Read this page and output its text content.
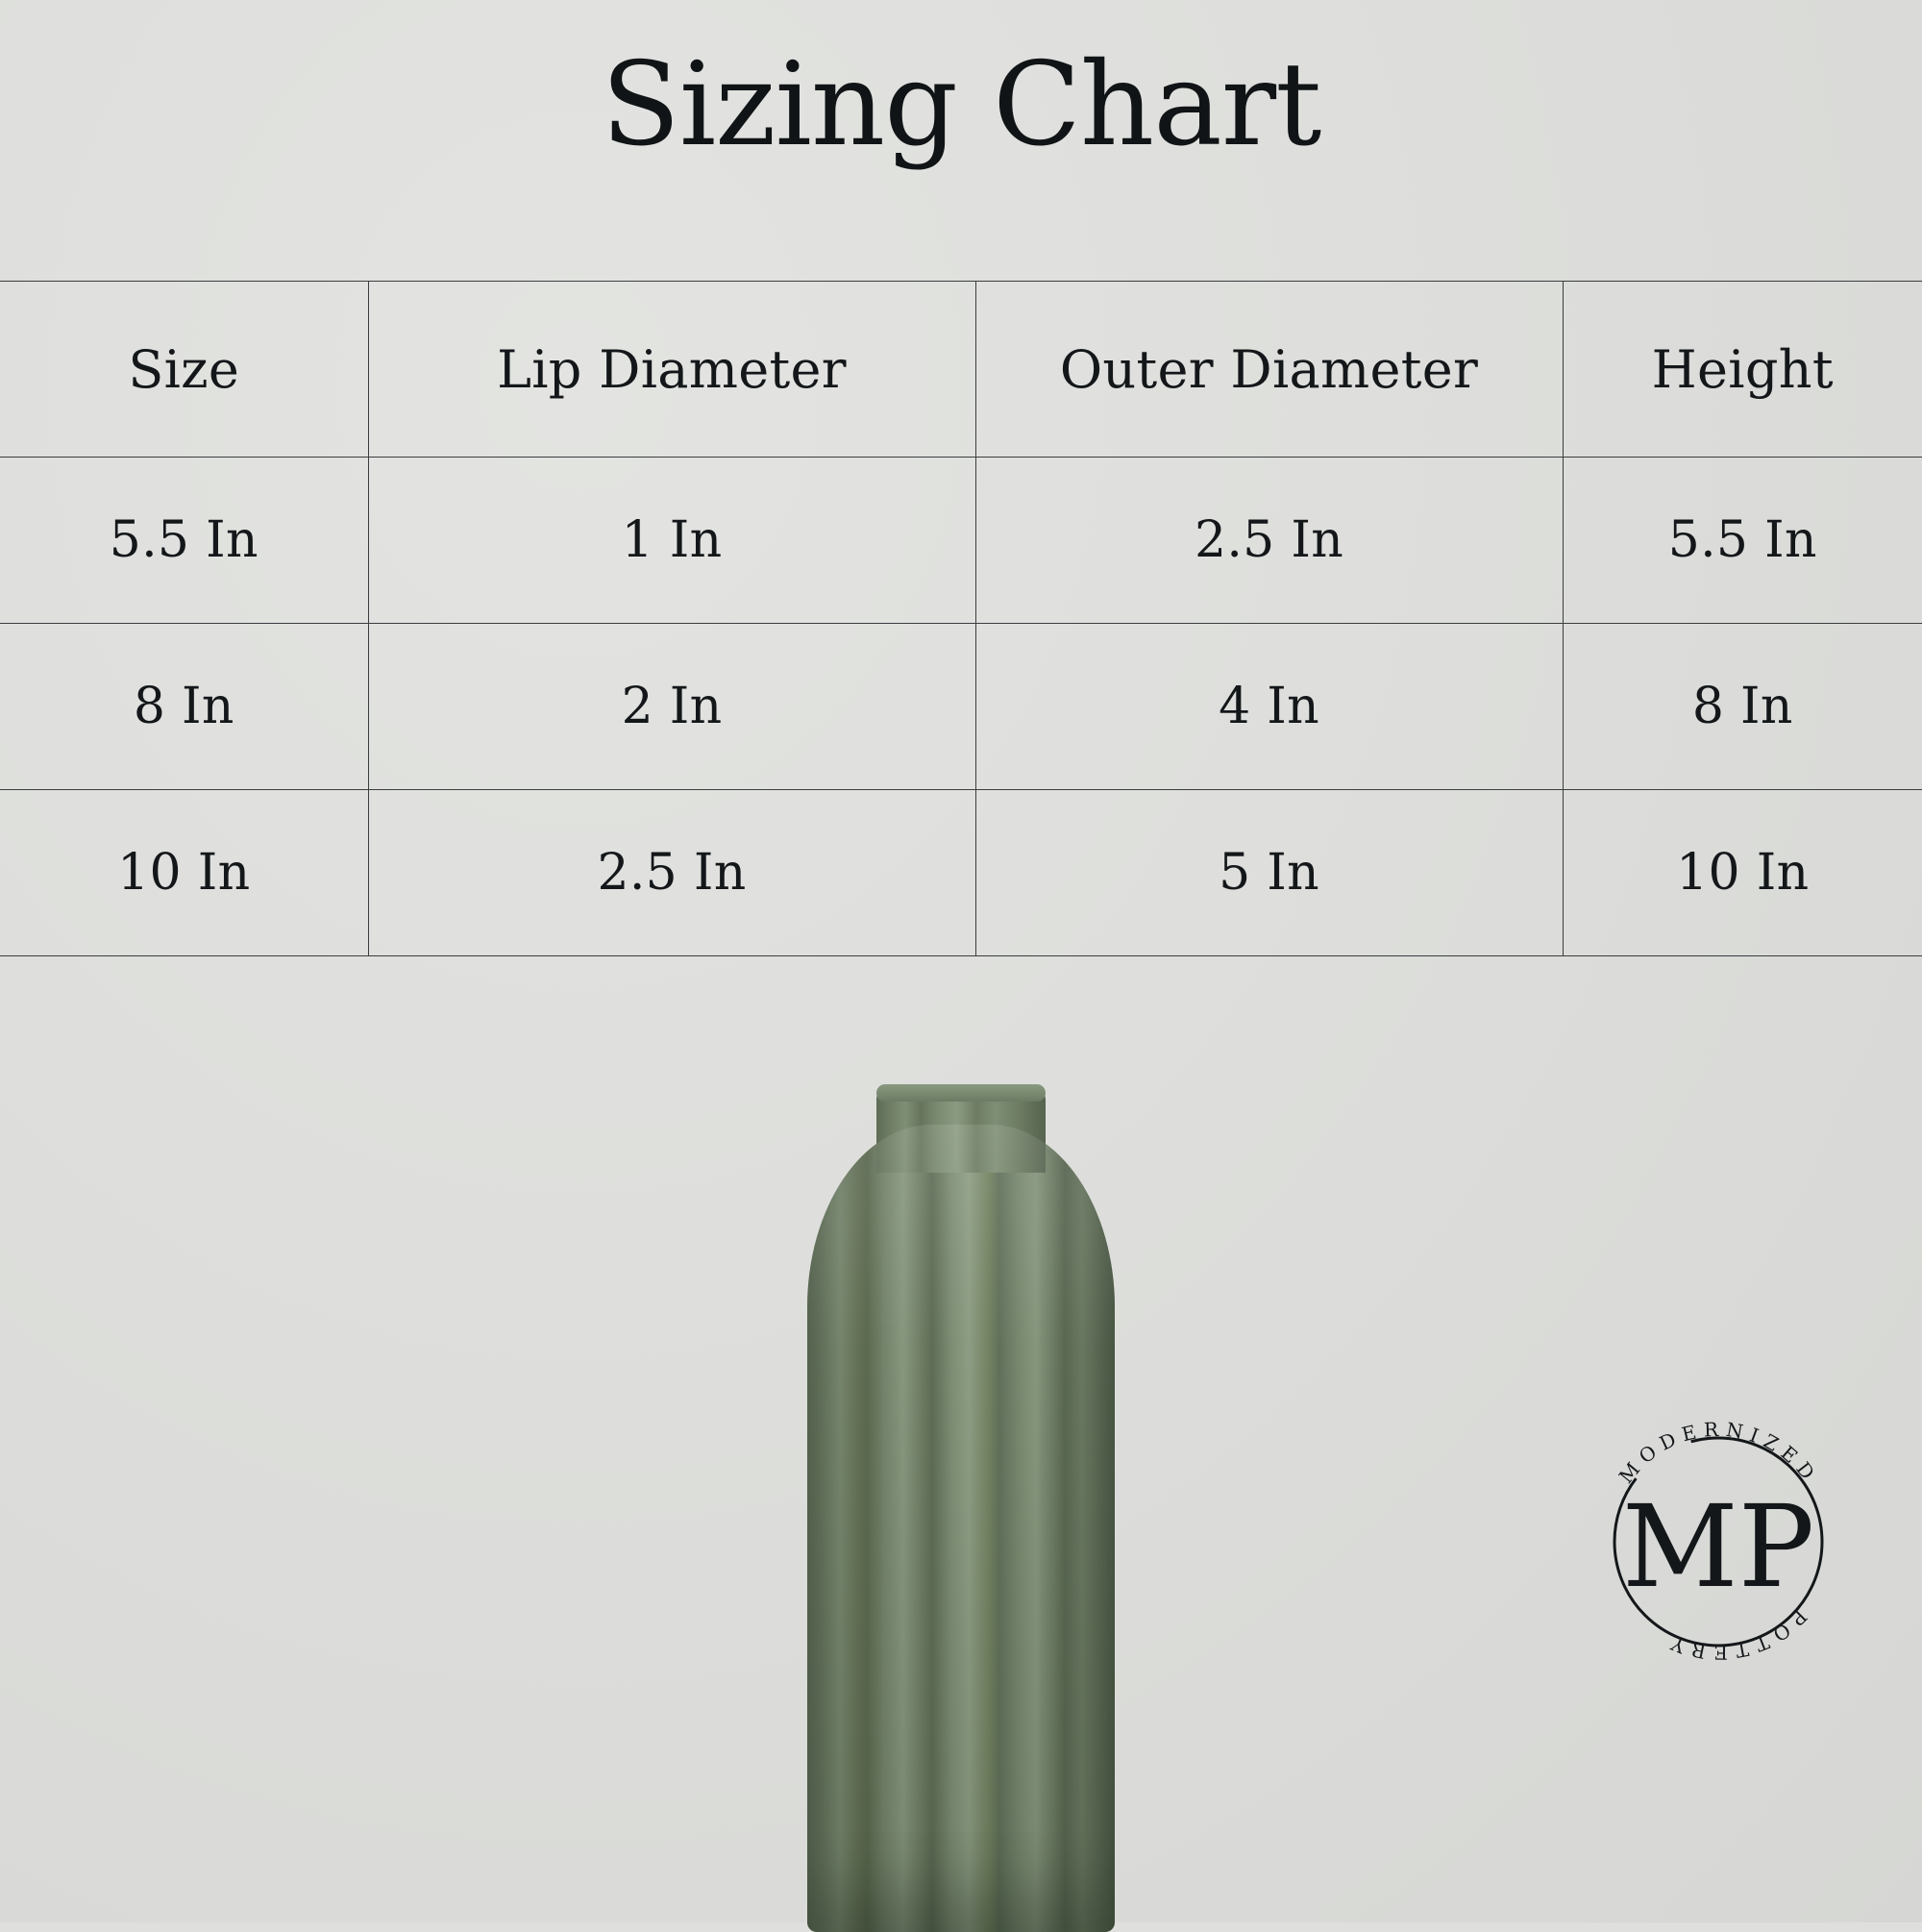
Sizing Chart
Size	Lip Diameter	Outer Diameter	Height
5.5 In	1 In	2.5 In	5.5 In
8 In	2 In	4 In	8 In
10 In	2.5 In	5 In	10 In
MODERNIZED
POTTERY
MP
